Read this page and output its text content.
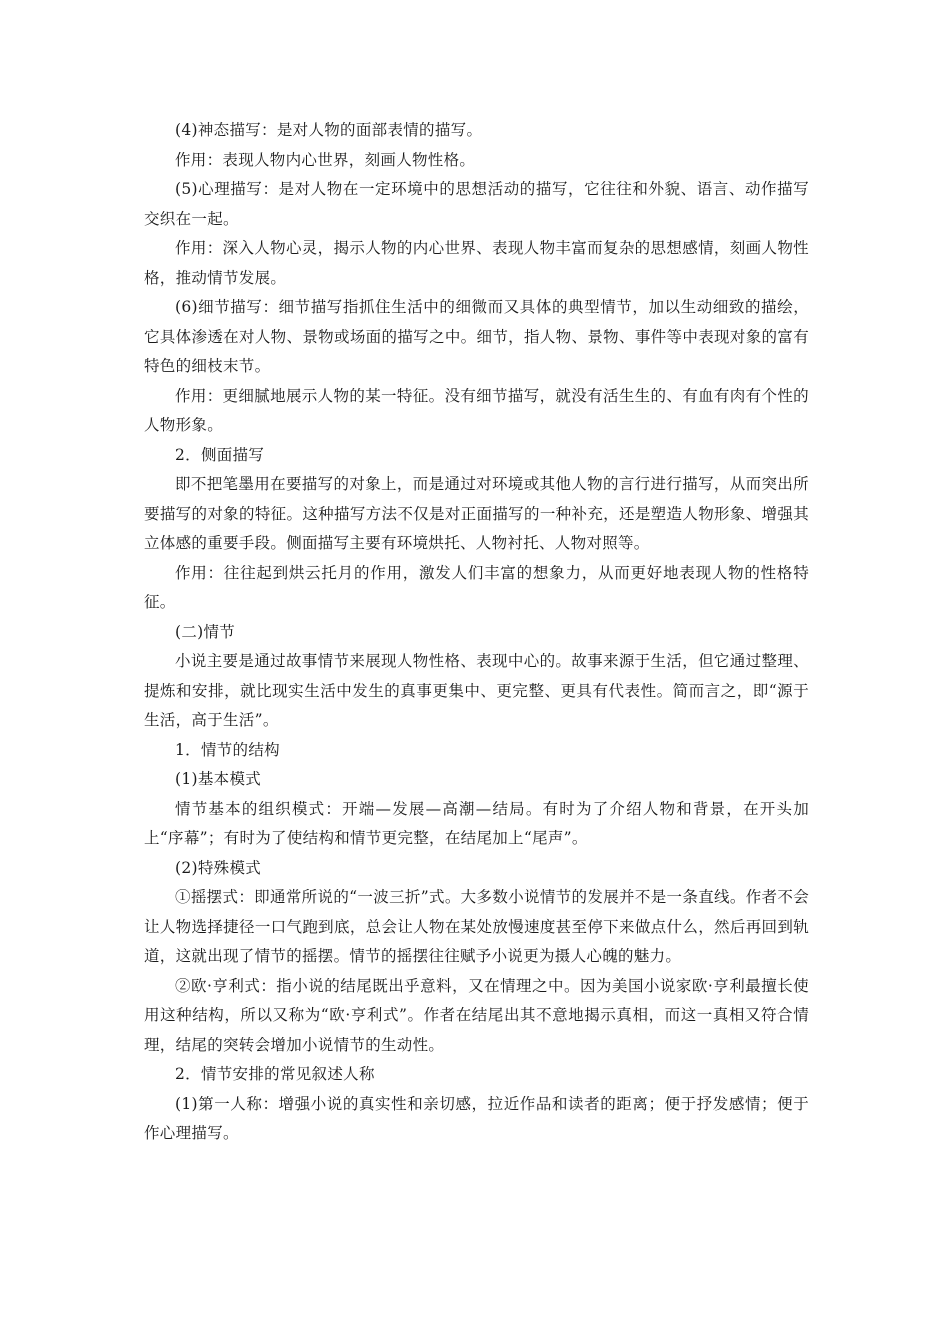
(4)神态描写：是对人物的面部表情的描写。

作用：表现人物内心世界，刻画人物性格。

(5)心理描写：是对人物在一定环境中的思想活动的描写，它往往和外貌、语言、动作描写交织在一起。

作用：深入人物心灵，揭示人物的内心世界、表现人物丰富而复杂的思想感情，刻画人物性格，推动情节发展。

(6)细节描写：细节描写指抓住生活中的细微而又具体的典型情节，加以生动细致的描绘，它具体渗透在对人物、景物或场面的描写之中。细节，指人物、景物、事件等中表现对象的富有特色的细枝末节。

作用：更细腻地展示人物的某一特征。没有细节描写，就没有活生生的、有血有肉有个性的人物形象。

2．侧面描写

即不把笔墨用在要描写的对象上，而是通过对环境或其他人物的言行进行描写，从而突出所要描写的对象的特征。这种描写方法不仅是对正面描写的一种补充，还是塑造人物形象、增强其立体感的重要手段。侧面描写主要有环境烘托、人物衬托、人物对照等。

作用：往往起到烘云托月的作用，激发人们丰富的想象力，从而更好地表现人物的性格特征。

(二)情节

小说主要是通过故事情节来展现人物性格、表现中心的。故事来源于生活，但它通过整理、提炼和安排，就比现实生活中发生的真事更集中、更完整、更具有代表性。简而言之，即“源于生活，高于生活”。

1．情节的结构

(1)基本模式

情节基本的组织模式：开端—发展—高潮—结局。有时为了介绍人物和背景，在开头加上“序幕”；有时为了使结构和情节更完整，在结尾加上“尾声”。

(2)特殊模式

①摇摆式：即通常所说的“一波三折”式。大多数小说情节的发展并不是一条直线。作者不会让人物选择捷径一口气跑到底，总会让人物在某处放慢速度甚至停下来做点什么，然后再回到轨道，这就出现了情节的摇摆。情节的摇摆往往赋予小说更为摄人心魄的魅力。

②欧·亨利式：指小说的结尾既出乎意料，又在情理之中。因为美国小说家欧·亨利最擅长使用这种结构，所以又称为“欧·亨利式”。作者在结尾出其不意地揭示真相，而这一真相又符合情理，结尾的突转会增加小说情节的生动性。

2．情节安排的常见叙述人称

(1)第一人称：增强小说的真实性和亲切感，拉近作品和读者的距离；便于抒发感情；便于作心理描写。
